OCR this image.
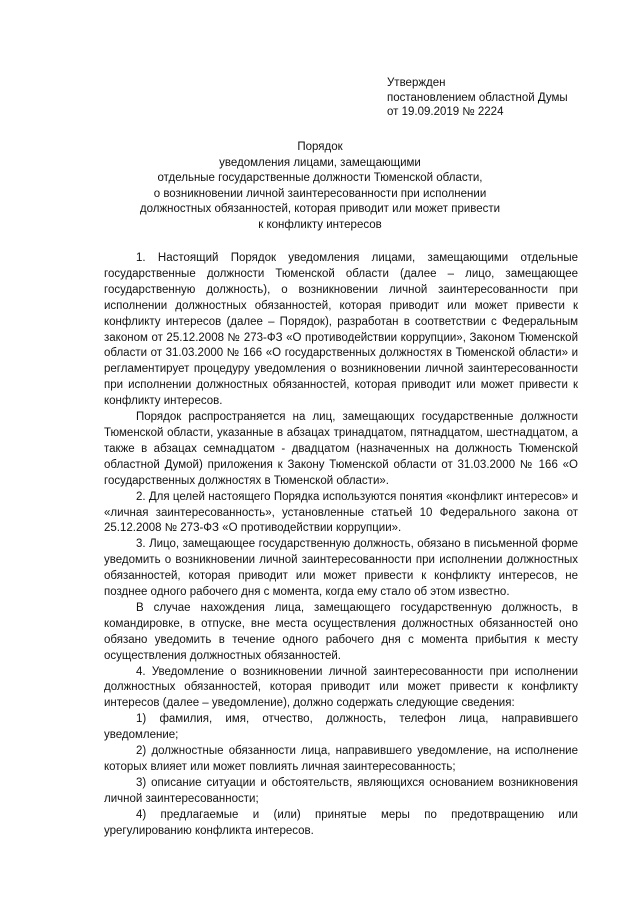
Утвержден
постановлением областной Думы
от 19.09.2019 № 2224
Порядок
уведомления лицами, замещающими
отдельные государственные должности Тюменской области,
о возникновении личной заинтересованности при исполнении
должностных обязанностей, которая приводит или может привести
к конфликту интересов

1. Настоящий Порядок уведомления лицами, замещающими отдельные государственные должности Тюменской области (далее – лицо, замещающее государственную должность), о возникновении личной заинтересованности при исполнении должностных обязанностей, которая приводит или может привести к конфликту интересов (далее – Порядок), разработан в соответствии с Федеральным законом от 25.12.2008 № 273-ФЗ «О противодействии коррупции», Законом Тюменской области от 31.03.2000 № 166 «О государственных должностях в Тюменской области» и регламентирует процедуру уведомления о возникновении личной заинтересованности при исполнении должностных обязанностей, которая приводит или может привести к конфликту интересов.

Порядок распространяется на лиц, замещающих государственные должности Тюменской области, указанные в абзацах тринадцатом, пятнадцатом, шестнадцатом, а также в абзацах семнадцатом - двадцатом (назначенных на должность Тюменской областной Думой) приложения к Закону Тюменской области от 31.03.2000 № 166 «О государственных должностях в Тюменской области».

2. Для целей настоящего Порядка используются понятия «конфликт интересов» и «личная заинтересованность», установленные статьей 10 Федерального закона от 25.12.2008 № 273-ФЗ «О противодействии коррупции».

3. Лицо, замещающее государственную должность, обязано в письменной форме уведомить о возникновении личной заинтересованности при исполнении должностных обязанностей, которая приводит или может привести к конфликту интересов, не позднее одного рабочего дня с момента, когда ему стало об этом известно.

В случае нахождения лица, замещающего государственную должность, в командировке, в отпуске, вне места осуществления должностных обязанностей оно обязано уведомить в течение одного рабочего дня с момента прибытия к месту осуществления должностных обязанностей.

4. Уведомление о возникновении личной заинтересованности при исполнении должностных обязанностей, которая приводит или может привести к конфликту интересов (далее – уведомление), должно содержать следующие сведения:

1) фамилия, имя, отчество, должность, телефон лица, направившего уведомление;

2) должностные обязанности лица, направившего уведомление, на исполнение которых влияет или может повлиять личная заинтересованность;

3) описание ситуации и обстоятельств, являющихся основанием возникновения личной заинтересованности;

4) предлагаемые и (или) принятые меры по предотвращению или урегулированию конфликта интересов.
